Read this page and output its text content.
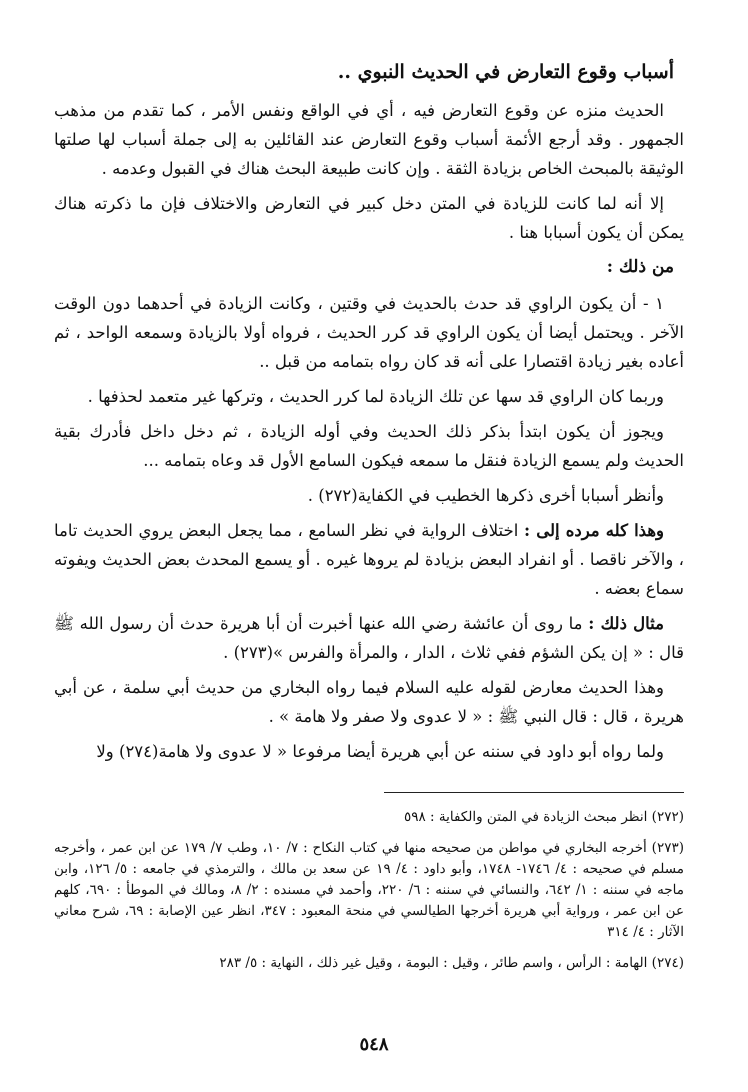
أسباب وقوع التعارض في الحديث النبوي ..

الحديث منزه عن وقوع التعارض فيه ، أي في الواقع ونفس الأمر ، كما تقدم من مذهب الجمهور . وقد أرجع الأئمة أسباب وقوع التعارض عند القائلين به إلى جملة أسباب لها صلتها الوثيقة بالمبحث الخاص بزيادة الثقة . وإن كانت طبيعة البحث هناك في القبول وعدمه .

إلا أنه لما كانت للزيادة في المتن دخل كبير في التعارض والاختلاف فإن ما ذكرته هناك يمكن أن يكون أسبابا هنا .

من ذلك :

١ - أن يكون الراوي قد حدث بالحديث في وقتين ، وكانت الزيادة في أحدهما دون الوقت الآخر . ويحتمل أيضا أن يكون الراوي قد كرر الحديث ، فرواه أولا بالزيادة وسمعه الواحد ، ثم أعاده بغير زيادة اقتصارا على أنه قد كان رواه بتمامه من قبل ..

وربما كان الراوي قد سها عن تلك الزيادة لما كرر الحديث ، وتركها غير متعمد لحذفها .

ويجوز أن يكون ابتدأ بذكر ذلك الحديث وفي أوله الزيادة ، ثم دخل داخل فأدرك بقية الحديث ولم يسمع الزيادة فنقل ما سمعه فيكون السامع الأول قد وعاه بتمامه ...

وأنظر أسبابا أخرى ذكرها الخطيب في الكفاية(٢٧٢) .

وهذا كله مرده إلى : اختلاف الرواية في نظر السامع ، مما يجعل البعض يروي الحديث تاما ، والآخر ناقصا . أو انفراد البعض بزيادة لم يروها غيره . أو يسمع المحدث بعض الحديث ويفوته سماع بعضه .

مثال ذلك : ما روى أن عائشة رضي الله عنها أخبرت أن أبا هريرة حدث أن رسول الله ﷺ قال : « إن يكن الشؤم ففي ثلاث ، الدار ، والمرأة والفرس »(٢٧٣) .

وهذا الحديث معارض لقوله عليه السلام فيما رواه البخاري من حديث أبي سلمة ، عن أبي هريرة ، قال : قال النبي ﷺ : « لا عدوى ولا صفر ولا هامة » .

ولما رواه أبو داود في سننه عن أبي هريرة أيضا مرفوعا « لا عدوى ولا هامة(٢٧٤) ولا

(٢٧٢) انظر مبحث الزيادة في المتن والكفاية : ٥٩٨

(٢٧٣) أخرجه البخاري في مواطن من صحيحه منها في كتاب النكاح : ٧/ ١٠، وطب ٧/ ١٧٩ عن ابن عمر ، وأخرجه مسلم في صحيحه : ٤/ ١٧٤٦- ١٧٤٨، وأبو داود : ٤/ ١٩ عن سعد بن مالك ، والترمذي في جامعه : ٥/ ١٢٦، وابن ماجه في سننه : ١/ ٦٤٢، والنسائي في سننه : ٦/ ٢٢٠، وأحمد في مسنده : ٢/ ٨، ومالك في الموطأ : ٦٩٠، كلهم عن ابن عمر ، ورواية أبي هريرة أخرجها الطيالسي في منحة المعبود : ٣٤٧، انظر عين الإصابة : ٦٩، شرح معاني الآثار : ٤/ ٣١٤

(٢٧٤) الهامة : الرأس ، واسم طائر ، وقيل : البومة ، وقيل غير ذلك ، النهاية : ٥/ ٢٨٣

٥٤٨
